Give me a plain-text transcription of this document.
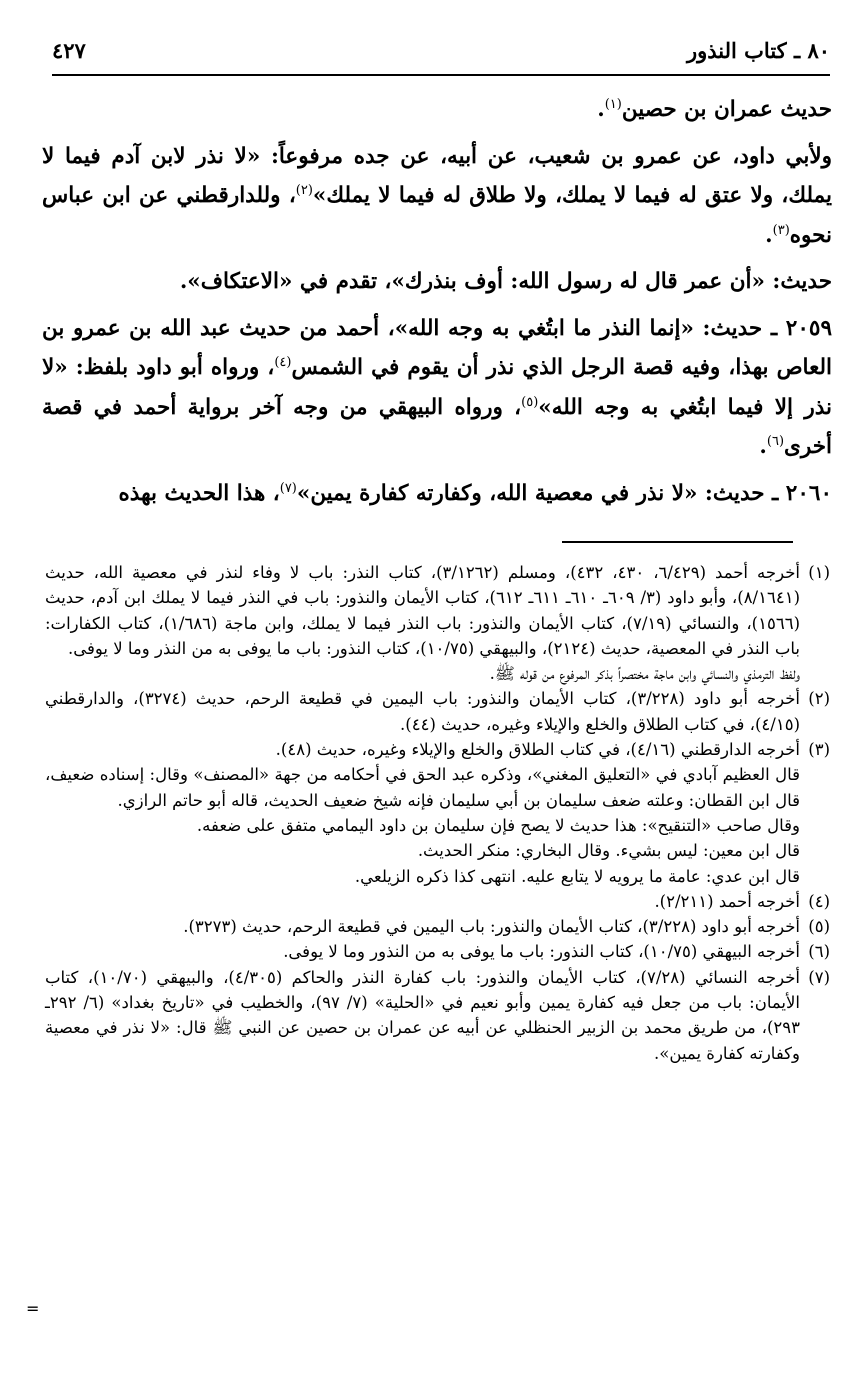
٨٠ ـ كتاب النذور
٤٢٧

حديث عمران بن حصين$^{(١)}$.

ولأبي داود، عن عمرو بن شعيب، عن أبيه، عن جده مرفوعاً: «لا نذر لابن آدم فيما لا يملك، ولا عتق له فيما لا يملك، ولا طلاق له فيما لا يملك»$^{(٢)}$، وللدارقطني عن ابن عباس نحوه$^{(٣)}$.

حديث: «أن عمر قال له رسول الله: أوف بنذرك»، تقدم في «الاعتكاف».

٢٠٥٩ ـ حديث: «إنما النذر ما ابتُغي به وجه الله»، أحمد من حديث عبد الله بن عمرو بن العاص بهذا، وفيه قصة الرجل الذي نذر أن يقوم في الشمس$^{(٤)}$، ورواه أبو داود بلفظ: «لا نذر إلا فيما ابتُغي به وجه الله»$^{(٥)}$، ورواه البيهقي من وجه آخر برواية أحمد في قصة أخرى$^{(٦)}$.

٢٠٦٠ ـ حديث: «لا نذر في معصية الله، وكفارته كفارة يمين»$^{(٧)}$، هذا الحديث بهذه

(١)
أخرجه أحمد (٦/٤٢٩، ٤٣٠، ٤٣٢)، ومسلم (٣/١٢٦٢)، كتاب النذر: باب لا وفاء لنذر في معصية الله، حديث (٨/١٦٤١)، وأبو داود (٣/ ٦٠٩ـ ٦١٠ـ ٦١١ـ ٦١٢)، كتاب الأيمان والنذور: باب في النذر فيما لا يملك ابن آدم، حديث (١٥٦٦)، والنسائي (٧/١٩)، كتاب الأيمان والنذور: باب النذر فيما لا يملك، وابن ماجة (١/٦٨٦)، كتاب الكفارات: باب النذر في المعصية، حديث (٢١٢٤)، والبيهقي (١٠/٧٥)، كتاب النذور: باب ما يوفى به من النذر وما لا يوفى.
ولفظ الترمذي والنسائي وابن ماجة مختصراً بذكر المرفوع من قوله ﷺ.
(٢)
أخرجه أبو داود (٣/٢٢٨)، كتاب الأيمان والنذور: باب اليمين في قطيعة الرحم، حديث (٣٢٧٤)، والدارقطني (٤/١٥)، في كتاب الطلاق والخلع والإيلاء وغيره، حديث (٤٤).
(٣)
أخرجه الدارقطني (٤/١٦)، في كتاب الطلاق والخلع والإيلاء وغيره، حديث (٤٨).
قال العظيم آبادي في «التعليق المغني»، وذكره عبد الحق في أحكامه من جهة «المصنف» وقال: إسناده ضعيف، قال ابن القطان: وعلته ضعف سليمان بن أبي سليمان فإنه شيخ ضعيف الحديث، قاله أبو حاتم الرازي.
وقال صاحب «التنقيح»: هذا حديث لا يصح فإن سليمان بن داود اليمامي متفق على ضعفه.
قال ابن معين: ليس بشيء. وقال البخاري: منكر الحديث.
قال ابن عدي: عامة ما يرويه لا يتابع عليه. انتهى كذا ذكره الزيلعي.
(٤)
أخرجه أحمد (٢/٢١١).
(٥)
أخرجه أبو داود (٣/٢٢٨)، كتاب الأيمان والنذور: باب اليمين في قطيعة الرحم، حديث (٣٢٧٣).
(٦)
أخرجه البيهقي (١٠/٧٥)، كتاب النذور: باب ما يوفى به من النذور وما لا يوفى.
(٧)
أخرجه النسائي (٧/٢٨)، كتاب الأيمان والنذور: باب كفارة النذر والحاكم (٤/٣٠٥)، والبيهقي (١٠/٧٠)، كتاب الأيمان: باب من جعل فيه كفارة يمين وأبو نعيم في «الحلية» (٧/ ٩٧)، والخطيب في «تاريخ بغداد» (٦/ ٢٩٢ـ ٢٩٣)، من طريق محمد بن الزبير الحنظلي عن أبيه عن عمران بن حصين عن النبي ﷺ قال: «لا نذر في معصية وكفارته كفارة يمين».
=
